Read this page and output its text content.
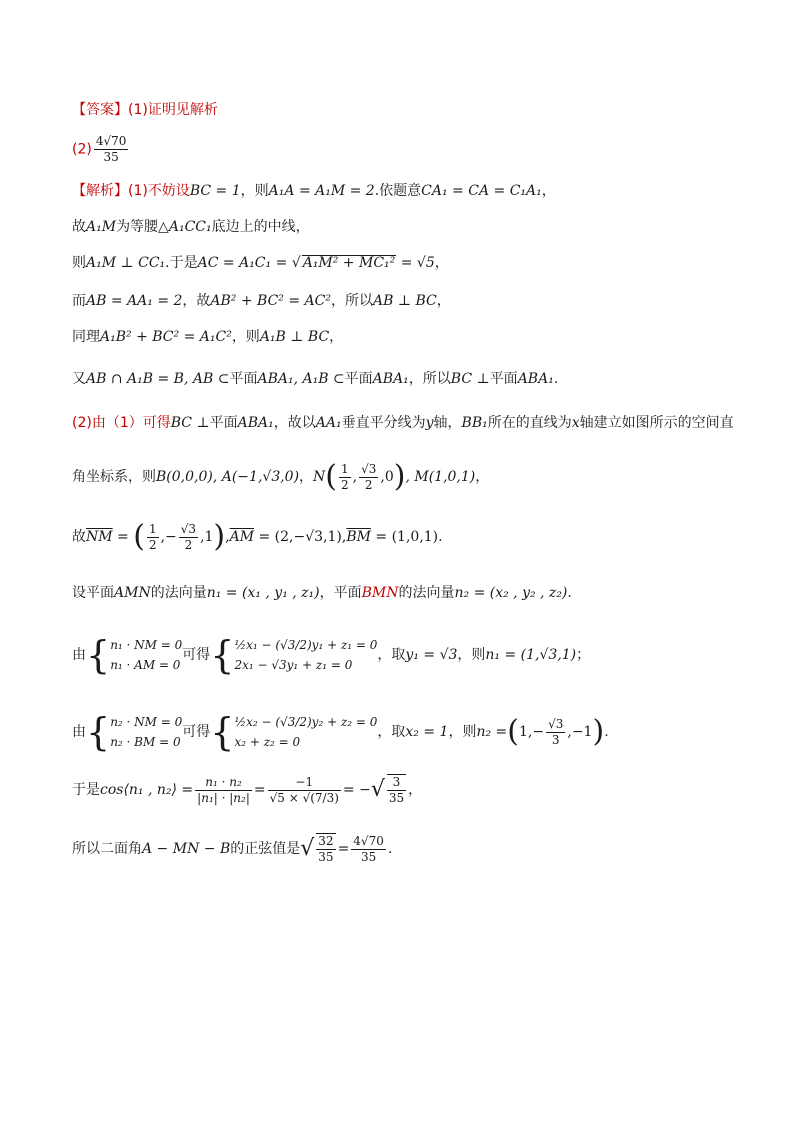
【答案】(1)证明见解析
$(2) \frac{4√70}{35}$
【解析】(1)不妨设BC = 1，则A₁A = A₁M = 2.依题意CA₁ = CA = C₁A₁，
故A₁M为等腰△A₁CC₁底边上的中线，
则A₁M ⊥ CC₁.于是AC = A₁C₁ = √ A₁M² + MC₁² = √5，
而AB = AA₁ = 2，故AB² + BC² = AC²，所以AB ⊥ BC，
同理A₁B² + BC² = A₁C²，则A₁B ⊥ BC，
又AB ∩ A₁B = B, AB ⊂平面ABA₁, A₁B ⊂平面ABA₁，所以BC ⊥平面ABA₁.
(2)由（1）可得BC ⊥平面ABA₁，故以AA₁垂直平分线为y轴，BB₁所在的直线为x轴建立如图所示的空间直
角坐标系，则B(0,0,0), A(−1,√3,0)，$N( \frac{1}{2}$ , $\frac{√3}{2} ,0$), M(1,0,1)，
故$\overline{NM}$ = ( $\frac{1}{2}$ ,− $\frac{√3}{2} ,1),\overline{AM} = (2,-√3,1),\overline{BM} = (1,0,1)$.
设平面AMN的法向量n₁ = (x₁ , y₁ , z₁)，平面BMN的法向量n₂ = (x₂ , y₂ , z₂).
由{ n₁ · NM = 0
n₁ · AM = 0
可得{ ½x₁ − (√3/2)y₁ + z₁ = 0
2x₁ − √3y₁ + z₁ = 0
，取y₁ = √3，则n₁ = (1,√3,1)；
由{ n₂ · NM = 0
n₂ · BM = 0
可得{ ½x₂ − (√3/2)y₂ + z₂ = 0
x₂ + z₂ = 0
，取x₂ = 1，则$n_2 =(1,- \frac{√3}{3} ,-1)$.
于是cos⟨n₁ , n₂⟩ = $\frac{\text{n₁ · n₂}}{\text{|n₁| · |n₂|}} = \frac{-1}{√5 \times √(7/3)}$ = −√ $\frac{3}{35}$ ，
所以二面角A − MN − B的正弦值是√ $\frac{32}{35} = \frac{4√70}{35}$ .
